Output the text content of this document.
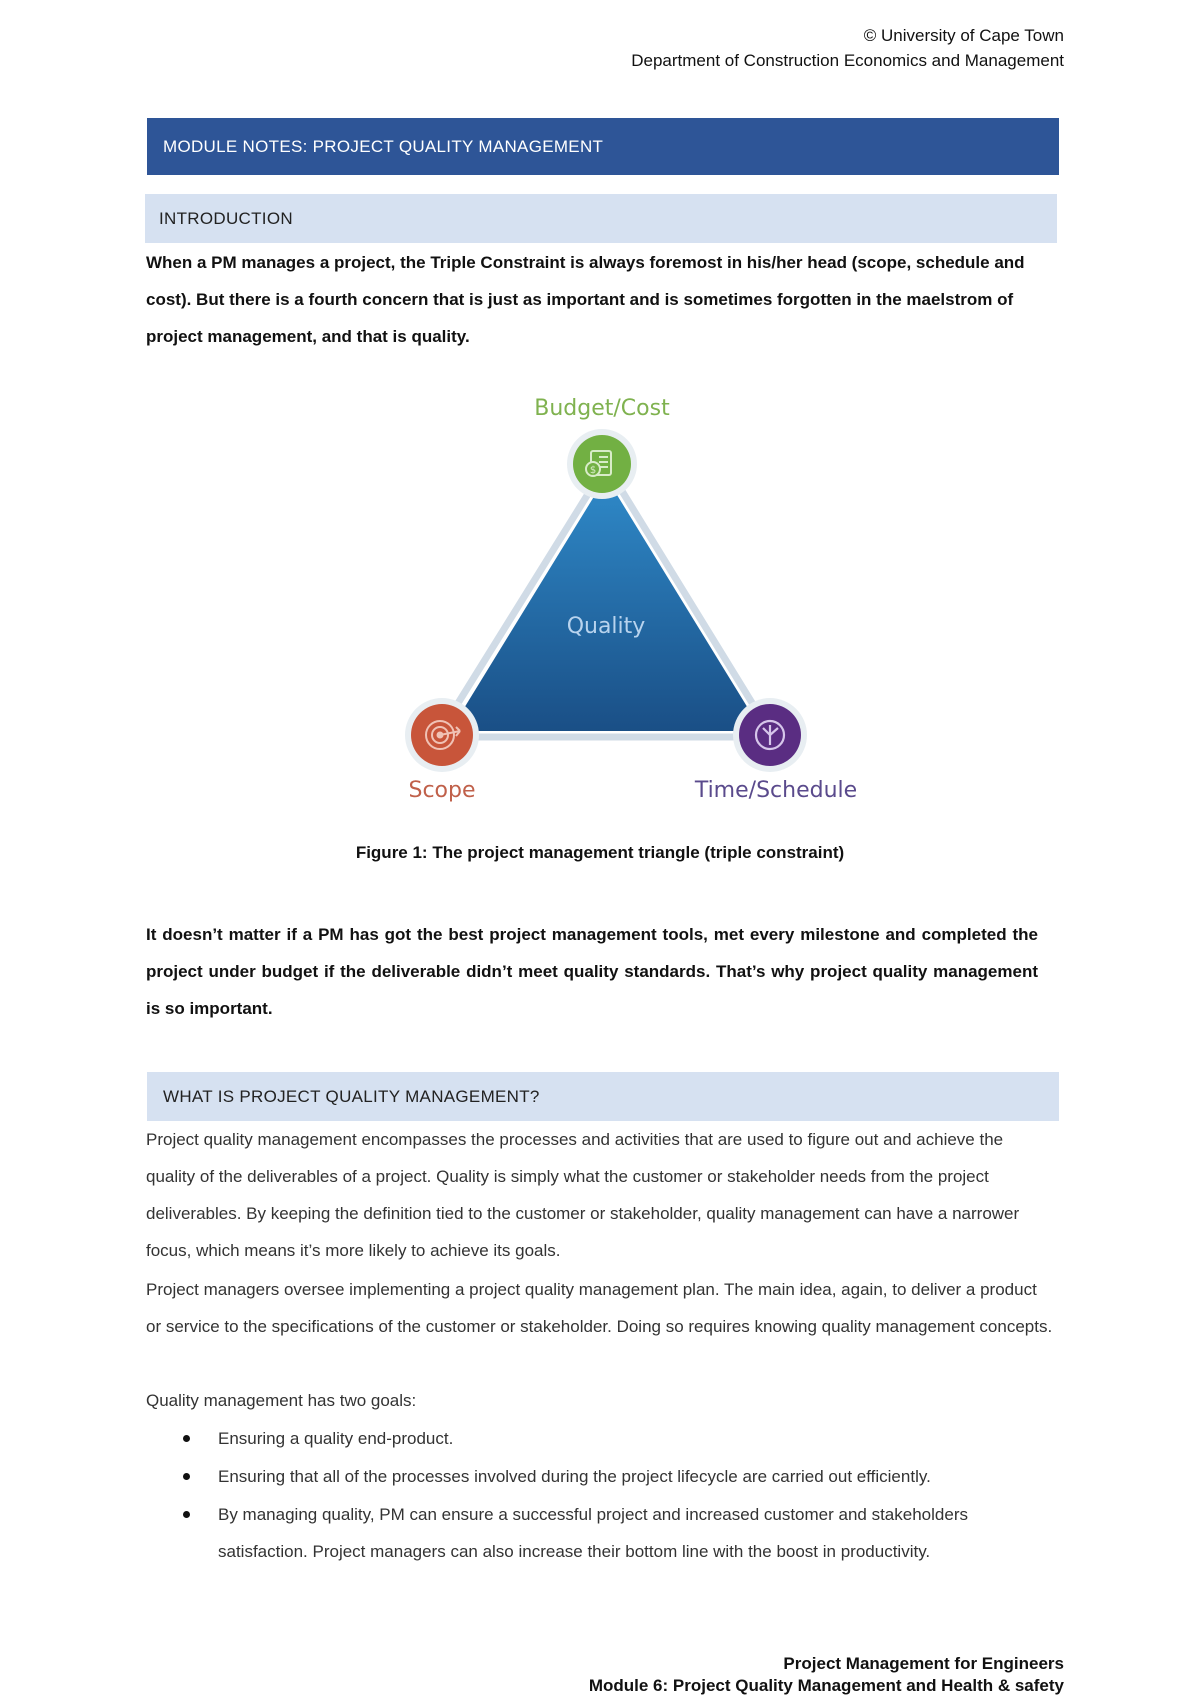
© University of Cape Town
Department of Construction Economics and Management
MODULE NOTES: PROJECT QUALITY MANAGEMENT
INTRODUCTION

When a PM manages a project, the Triple Constraint is always foremost in his/her head (scope, schedule and cost). But there is a fourth concern that is just as important and is sometimes forgotten in the maelstrom of project management, and that is quality.

Quality
Budget/Cost
$
Scope	Time/Schedule
Figure 1: The project management triangle (triple constraint)

It doesn’t matter if a PM has got the best project management tools, met every milestone and completed the project under budget if the deliverable didn’t meet quality standards. That’s why project quality management is so important.

WHAT IS PROJECT QUALITY MANAGEMENT?

Project quality management encompasses the processes and activities that are used to figure out and achieve the quality of the deliverables of a project. Quality is simply what the customer or stakeholder needs from the project deliverables. By keeping the definition tied to the customer or stakeholder, quality management can have a narrower focus, which means it’s more likely to achieve its goals.

Project managers oversee implementing a project quality management plan. The main idea, again, to deliver a product or service to the specifications of the customer or stakeholder. Doing so requires knowing quality management concepts.

Quality management has two goals:

Ensuring a quality end-product.
Ensuring that all of the processes involved during the project lifecycle are carried out efficiently.
By managing quality, PM can ensure a successful project and increased customer and stakeholders satisfaction. Project managers can also increase their bottom line with the boost in productivity.
Project Management for Engineers
Module 6: Project Quality Management and Health & safety
